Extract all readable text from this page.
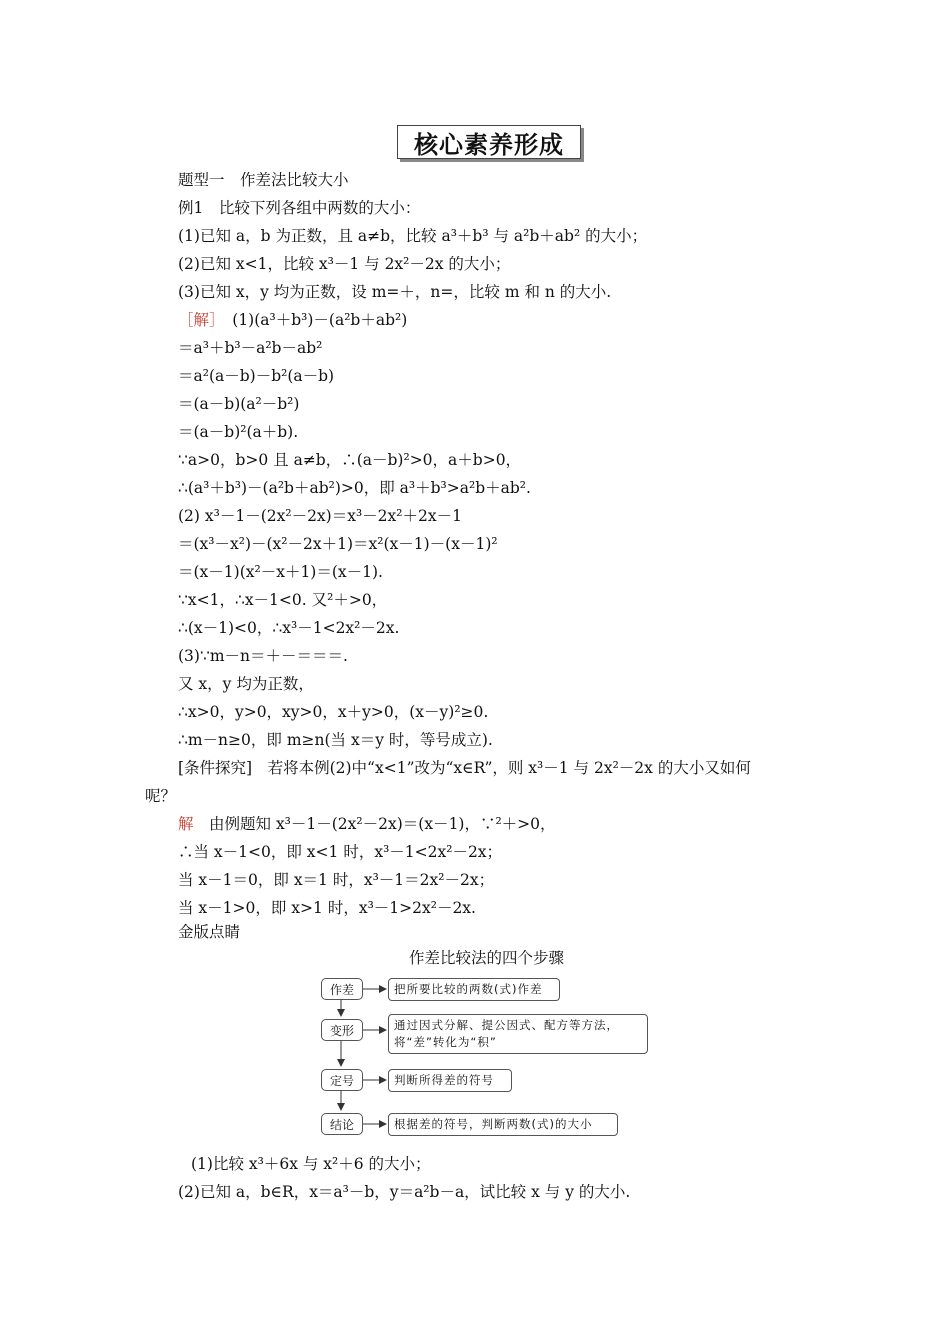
核心素养形成
题型一　作差法比较大小
例1　比较下列各组中两数的大小：
(1)已知 a，b 为正数，且 a≠b，比较 a³＋b³ 与 a²b＋ab² 的大小；
(2)已知 x<1，比较 x³－1 与 2x²－2x 的大小；
(3)已知 x，y 均为正数，设 m=＋，n=，比较 m 和 n 的大小.
［解］　(1)(a³＋b³)－(a²b＋ab²)
＝a³＋b³－a²b－ab²
＝a²(a－b)－b²(a－b)
＝(a－b)(a²－b²)
＝(a－b)²(a＋b).
∵a>0，b>0 且 a≠b，∴(a－b)²>0，a＋b>0，
∴(a³＋b³)－(a²b＋ab²)>0，即 a³＋b³>a²b＋ab².
(2) x³－1－(2x²－2x)＝x³－2x²＋2x－1
＝(x³－x²)－(x²－2x＋1)＝x²(x－1)－(x－1)²
＝(x－1)(x²－x＋1)＝(x－1).
∵x<1，∴x－1<0. 又²＋>0，
∴(x－1)<0，∴x³－1<2x²－2x.
(3)∵m－n＝＋－＝＝＝.
又 x，y 均为正数，
∴x>0，y>0，xy>0，x＋y>0，(x－y)²≥0.
∴m－n≥0，即 m≥n(当 x＝y 时，等号成立).
[条件探究]　若将本例(2)中“x<1”改为“x∈R”，则 x³－1 与 2x²－2x 的大小又如何
呢？
解　由例题知 x³－1－(2x²－2x)＝(x－1)，∵²＋>0，
∴当 x－1<0，即 x<1 时，x³－1<2x²－2x；
当 x－1＝0，即 x＝1 时，x³－1＝2x²－2x；
当 x－1>0，即 x>1 时，x³－1>2x²－2x.
金版点睛
作差比较法的四个步骤
作差	把所要比较的两数(式)作差
变形	通过因式分解、提公因式、配方等方法，将“差”转化为“积”
定号	判断所得差的符号
结论	根据差的符号，判断两数(式)的大小
(1)比较 x³＋6x 与 x²＋6 的大小；
(2)已知 a，b∈R，x＝a³－b，y＝a²b－a，试比较 x 与 y 的大小.
